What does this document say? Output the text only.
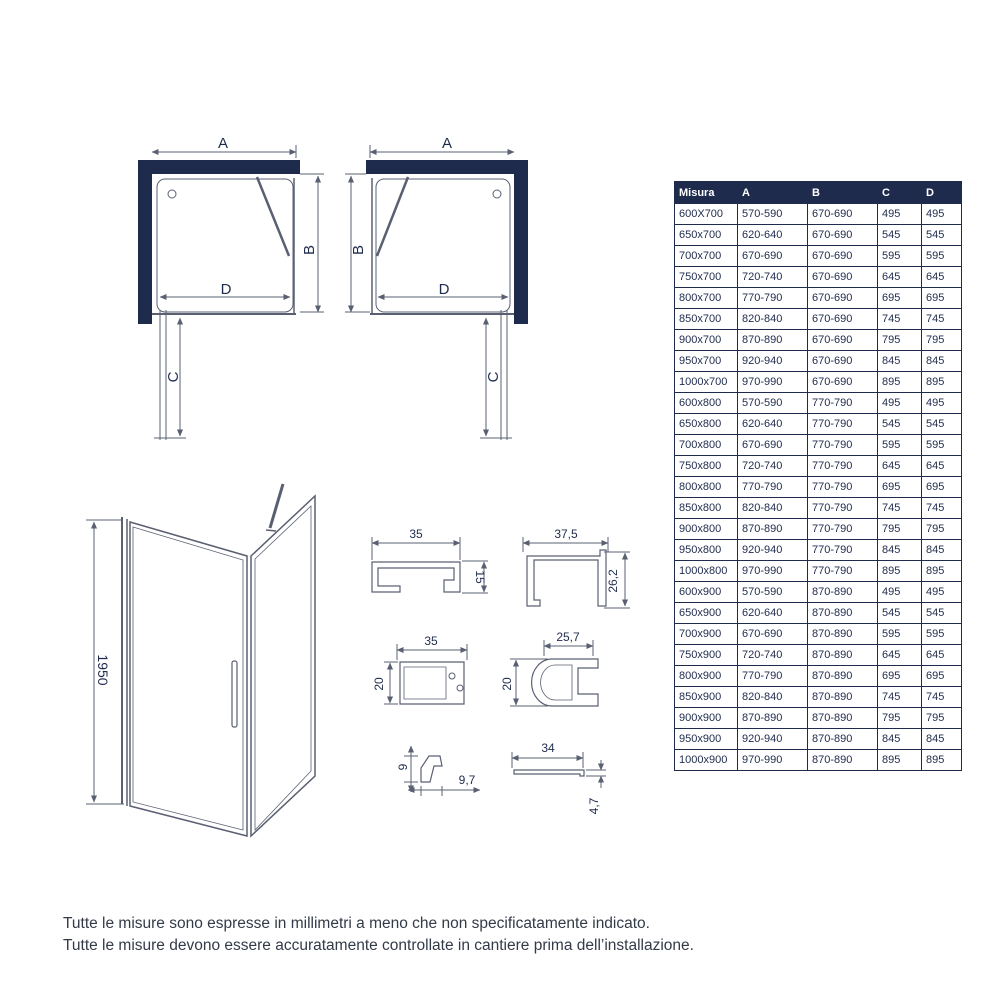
A
D
B
C
A
D
B
C
1950
35
15
37,5
26,2
35
20
25,7
20
9
9,7
34
4,7
Misura	A	B	C	D
600X700	570-590	670-690	495	495
650x700	620-640	670-690	545	545
700x700	670-690	670-690	595	595
750x700	720-740	670-690	645	645
800x700	770-790	670-690	695	695
850x700	820-840	670-690	745	745
900x700	870-890	670-690	795	795
950x700	920-940	670-690	845	845
1000x700	970-990	670-690	895	895
600x800	570-590	770-790	495	495
650x800	620-640	770-790	545	545
700x800	670-690	770-790	595	595
750x800	720-740	770-790	645	645
800x800	770-790	770-790	695	695
850x800	820-840	770-790	745	745
900x800	870-890	770-790	795	795
950x800	920-940	770-790	845	845
1000x800	970-990	770-790	895	895
600x900	570-590	870-890	495	495
650x900	620-640	870-890	545	545
700x900	670-690	870-890	595	595
750x900	720-740	870-890	645	645
800x900	770-790	870-890	695	695
850x900	820-840	870-890	745	745
900x900	870-890	870-890	795	795
950x900	920-940	870-890	845	845
1000x900	970-990	870-890	895	895
Tutte le misure sono espresse in millimetri a meno che non specificatamente indicato.
Tutte le misure devono essere accuratamente controllate in cantiere prima dell’installazione.
